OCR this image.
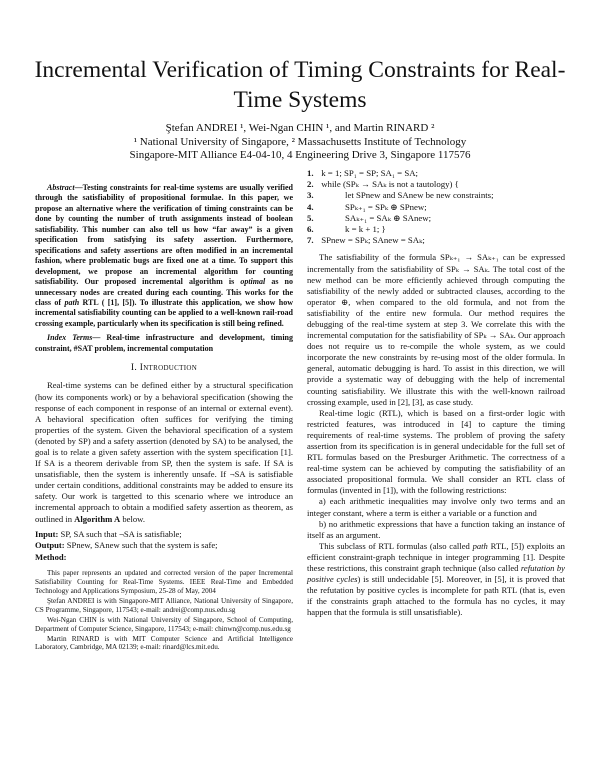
Incremental Verification of Timing Constraints for Real-Time Systems
Ştefan ANDREI ¹, Wei-Ngan CHIN ¹, and Martin RINARD ²
¹ National University of Singapore, ² Massachusetts Institute of Technology
Singapore-MIT Alliance E4-04-10, 4 Engineering Drive 3, Singapore 117576

Abstract—Testing constraints for real-time systems are usually verified through the satisfiability of propositional formulae. In this paper, we propose an alternative where the verification of timing constraints can be done by counting the number of truth assignments instead of boolean satisfiability. This number can also tell us how “far away” is a given specification from satisfying its safety assertion. Furthermore, specifications and safety assertions are often modified in an incremental fashion, where problematic bugs are fixed one at a time. To support this development, we propose an incremental algorithm for counting satisfiability. Our proposed incremental algorithm is optimal as no unnecessary nodes are created during each counting. This works for the class of path RTL ( [1], [5]). To illustrate this application, we show how incremental satisfiability counting can be applied to a well-known rail-road crossing example, particularly when its specification is still being refined.

Index Terms— Real-time infrastructure and development, timing constraint, #SAT problem, incremental computation

I. Introduction

Real-time systems can be defined either by a structural specification (how its components work) or by a behavioral specification (showing the response of each component in response of an internal or external event). A behavioral specification often suffices for verifying the timing properties of the system. Given the behavioral specification of a system (denoted by SP) and a safety assertion (denoted by SA) to be analysed, the goal is to relate a given safety assertion with the system specification [1]. If SA is a theorem derivable from SP, then the system is safe. If SA is unsatisfiable, then the system is inherently unsafe. If ¬SA is satisfiable under certain conditions, additional constraints may be added to ensure its safety. Our work is targetted to this scenario where we introduce an incremental approach to obtain a modified safety assertion as theorem, as outlined in Algorithm A below.

Input: SP, SA such that ¬SA is satisfiable;
Output: SPnew, SAnew such that the system is safe;
Method:

This paper represents an updated and corrected version of the paper Incremental Satisfiability Counting for Real-Time Systems. IEEE Real-Time and Embedded Technology and Applications Symposium, 25-28 of May, 2004

Ştefan ANDREI is with Singapore-MIT Alliance, National University of Singapore, CS Programme, Singapore, 117543; e-mail: andrei@comp.nus.edu.sg

Wei-Ngan CHIN is with National University of Singapore, School of Computing, Department of Computer Science, Singapore, 117543; e-mail: chinwn@comp.nus.edu.sg

Martin RINARD is with MIT Computer Science and Artificial Intelligence Laboratory, Cambridge, MA 02139; e-mail: rinard@lcs.mit.edu.

1. k = 1; SP₁ = SP; SA₁ = SA;
2. while (SPₖ → SAₖ is not a tautology) {
3.	let SPnew and SAnew be new constraints;
4.	SPₖ₊₁ = SPₖ ⊕ SPnew;
5.	SAₖ₊₁ = SAₖ ⊕ SAnew;
6.	k = k + 1; }
7. SPnew = SPₖ; SAnew = SAₖ;

The satisfiability of the formula SPₖ₊₁ → SAₖ₊₁ can be expressed incrementally from the satisfiability of SPₖ → SAₖ. The total cost of the new method can be more efficiently achieved through computing the satisfiability of the newly added or subtracted clauses, according to the operator ⊕, when compared to the old formula, and not from the satisfiability of the entire new formula. Our method requires the debugging of the real-time system at step 3. We correlate this with the incremental computation for the satisfiability of SPₖ → SAₖ. Our approach does not require us to re-compile the whole system, as we could incorporate the new constraints by re-using most of the older formula. In general, automatic debugging is hard. To assist in this direction, we will provide a systematic way of debugging with the help of incremental counting satisfiability. We illustrate this with the well-known railroad crossing example, used in [2], [3], as case study.

Real-time logic (RTL), which is based on a first-order logic with restricted features, was introduced in [4] to capture the timing requirements of real-time systems. The problem of proving the safety assertion from its specification is in general undecidable for the full set of RTL formulas based on the Presburger Arithmetic. The correctness of a real-time system can be achieved by computing the satisfiability of an associated propositional formula. We shall consider an RTL class of formulas (invented in [1]), with the following restrictions:

a) each arithmetic inequalities may involve only two terms and an integer constant, where a term is either a variable or a function and

b) no arithmetic expressions that have a function taking an instance of itself as an argument.

This subclass of RTL formulas (also called path RTL, [5]) exploits an efficient constraint-graph technique in integer programming [1]. Despite these restrictions, this constraint graph technique (also called refutation by positive cycles) is still undecidable [5]. Moreover, in [5], it is proved that the refutation by positive cycles is incomplete for path RTL (that is, even if the constraints graph attached to the formula has no cycles, it may happen that the formula is still unsatisfiable).
